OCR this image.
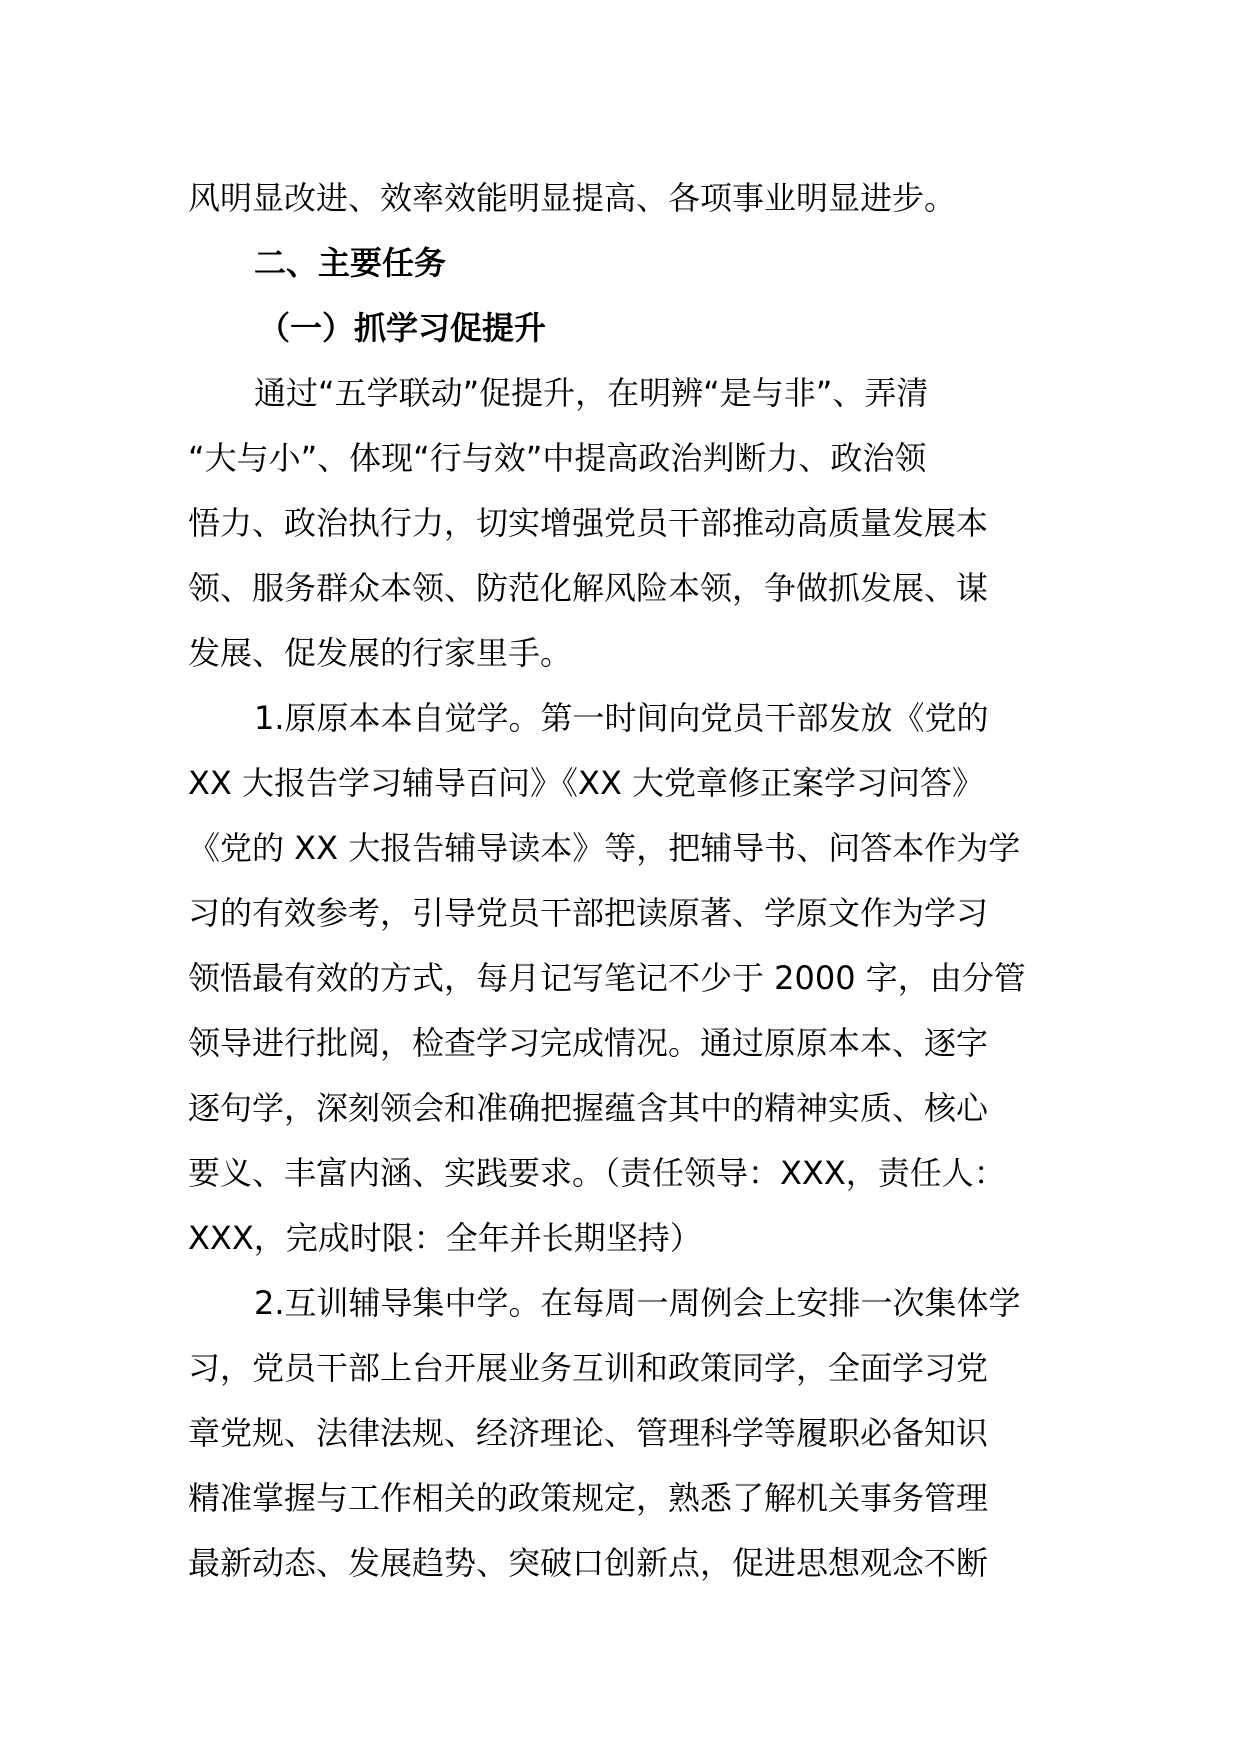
风明显改进、效率效能明显提高、各项事业明显进步。
二、主要任务
（一）抓学习促提升
通过“五学联动”促提升，在明辨“是与非”、弄清
“大与小”、体现“行与效”中提高政治判断力、政治领
悟力、政治执行力，切实增强党员干部推动高质量发展本
领、服务群众本领、防范化解风险本领，争做抓发展、谋
发展、促发展的行家里手。
1.原原本本自觉学。第一时间向党员干部发放《党的
XX 大报告学习辅导百问》《XX 大党章修正案学习问答》
《党的 XX 大报告辅导读本》等，把辅导书、问答本作为学
习的有效参考，引导党员干部把读原著、学原文作为学习
领悟最有效的方式，每月记写笔记不少于 2000 字，由分管
领导进行批阅，检查学习完成情况。通过原原本本、逐字
逐句学，深刻领会和准确把握蕴含其中的精神实质、核心
要义、丰富内涵、实践要求。（责任领导：XXX，责任人：
XXX，完成时限：全年并长期坚持）
2.互训辅导集中学。在每周一周例会上安排一次集体学
习，党员干部上台开展业务互训和政策同学，全面学习党
章党规、法律法规、经济理论、管理科学等履职必备知识
精准掌握与工作相关的政策规定，熟悉了解机关事务管理
最新动态、发展趋势、突破口创新点，促进思想观念不断
